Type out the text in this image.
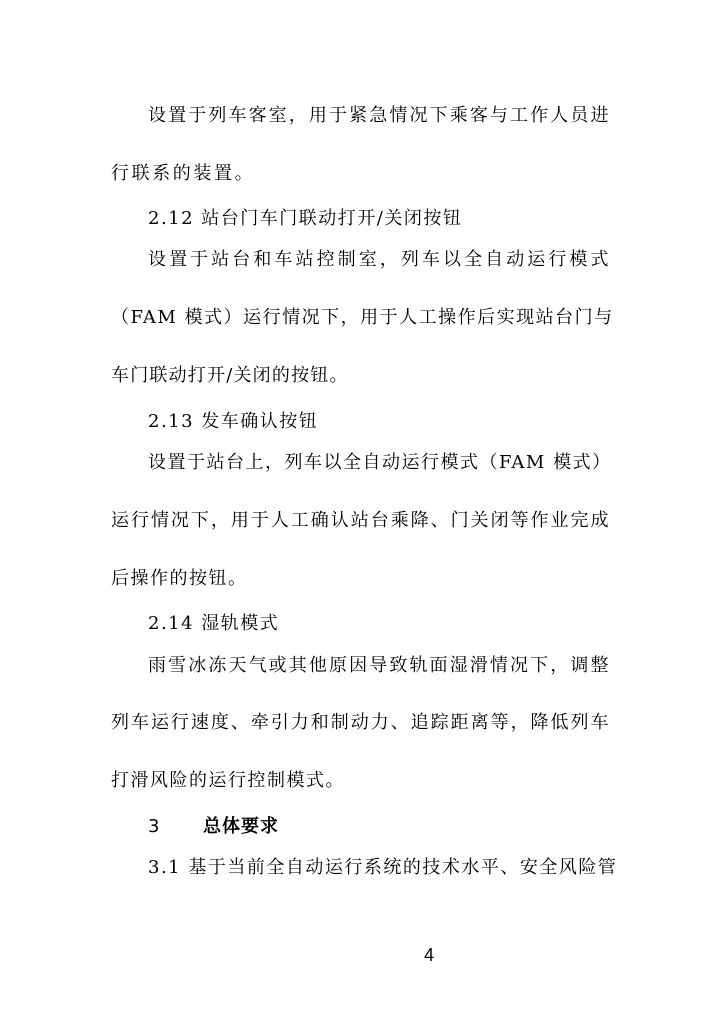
设置于列车客室，用于紧急情况下乘客与工作人员进
行联系的装置。
2.12 站台门车门联动打开/关闭按钮
设置于站台和车站控制室，列车以全自动运行模式
（FAM 模式）运行情况下，用于人工操作后实现站台门与
车门联动打开/关闭的按钮。
2.13 发车确认按钮
设置于站台上，列车以全自动运行模式（FAM 模式）
运行情况下，用于人工确认站台乘降、门关闭等作业完成
后操作的按钮。
2.14 湿轨模式
雨雪冰冻天气或其他原因导致轨面湿滑情况下，调整
列车运行速度、牵引力和制动力、追踪距离等，降低列车
打滑风险的运行控制模式。
3 总体要求
3.1 基于当前全自动运行系统的技术水平、安全风险管
4
